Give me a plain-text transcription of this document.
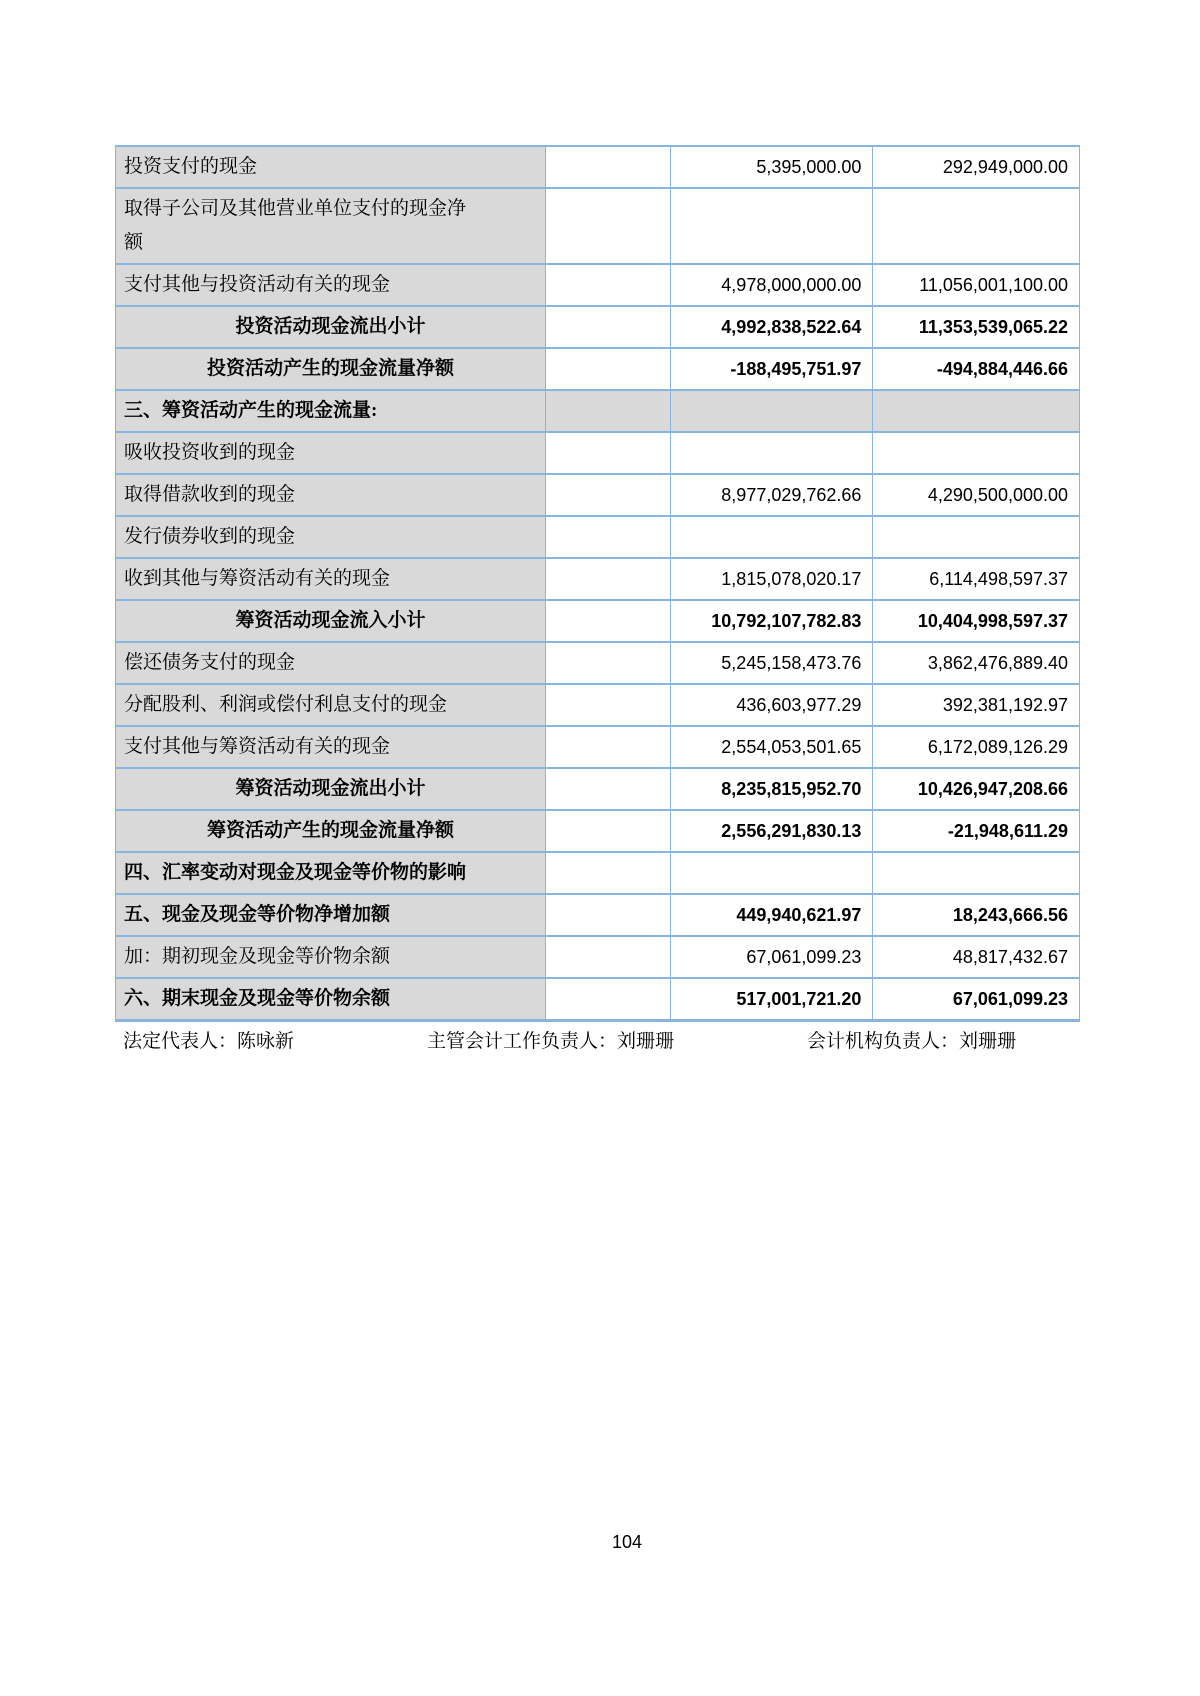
投资支付的现金	5,395,000.00	292,949,000.00
取得子公司及其他营业单位支付的现金净额
支付其他与投资活动有关的现金	4,978,000,000.00	11,056,001,100.00
投资活动现金流出小计	4,992,838,522.64	11,353,539,065.22
投资活动产生的现金流量净额	-188,495,751.97	-494,884,446.66
三、筹资活动产生的现金流量:
吸收投资收到的现金
取得借款收到的现金	8,977,029,762.66	4,290,500,000.00
发行债券收到的现金
收到其他与筹资活动有关的现金	1,815,078,020.17	6,114,498,597.37
筹资活动现金流入小计	10,792,107,782.83	10,404,998,597.37
偿还债务支付的现金	5,245,158,473.76	3,862,476,889.40
分配股利、利润或偿付利息支付的现金	436,603,977.29	392,381,192.97
支付其他与筹资活动有关的现金	2,554,053,501.65	6,172,089,126.29
筹资活动现金流出小计	8,235,815,952.70	10,426,947,208.66
筹资活动产生的现金流量净额	2,556,291,830.13	-21,948,611.29
四、汇率变动对现金及现金等价物的影响
五、现金及现金等价物净增加额	449,940,621.97	18,243,666.56
加：期初现金及现金等价物余额	67,061,099.23	48,817,432.67
六、期末现金及现金等价物余额	517,001,721.20	67,061,099.23
法定代表人：陈咏新	主管会计工作负责人：刘珊珊	会计机构负责人：刘珊珊
104
